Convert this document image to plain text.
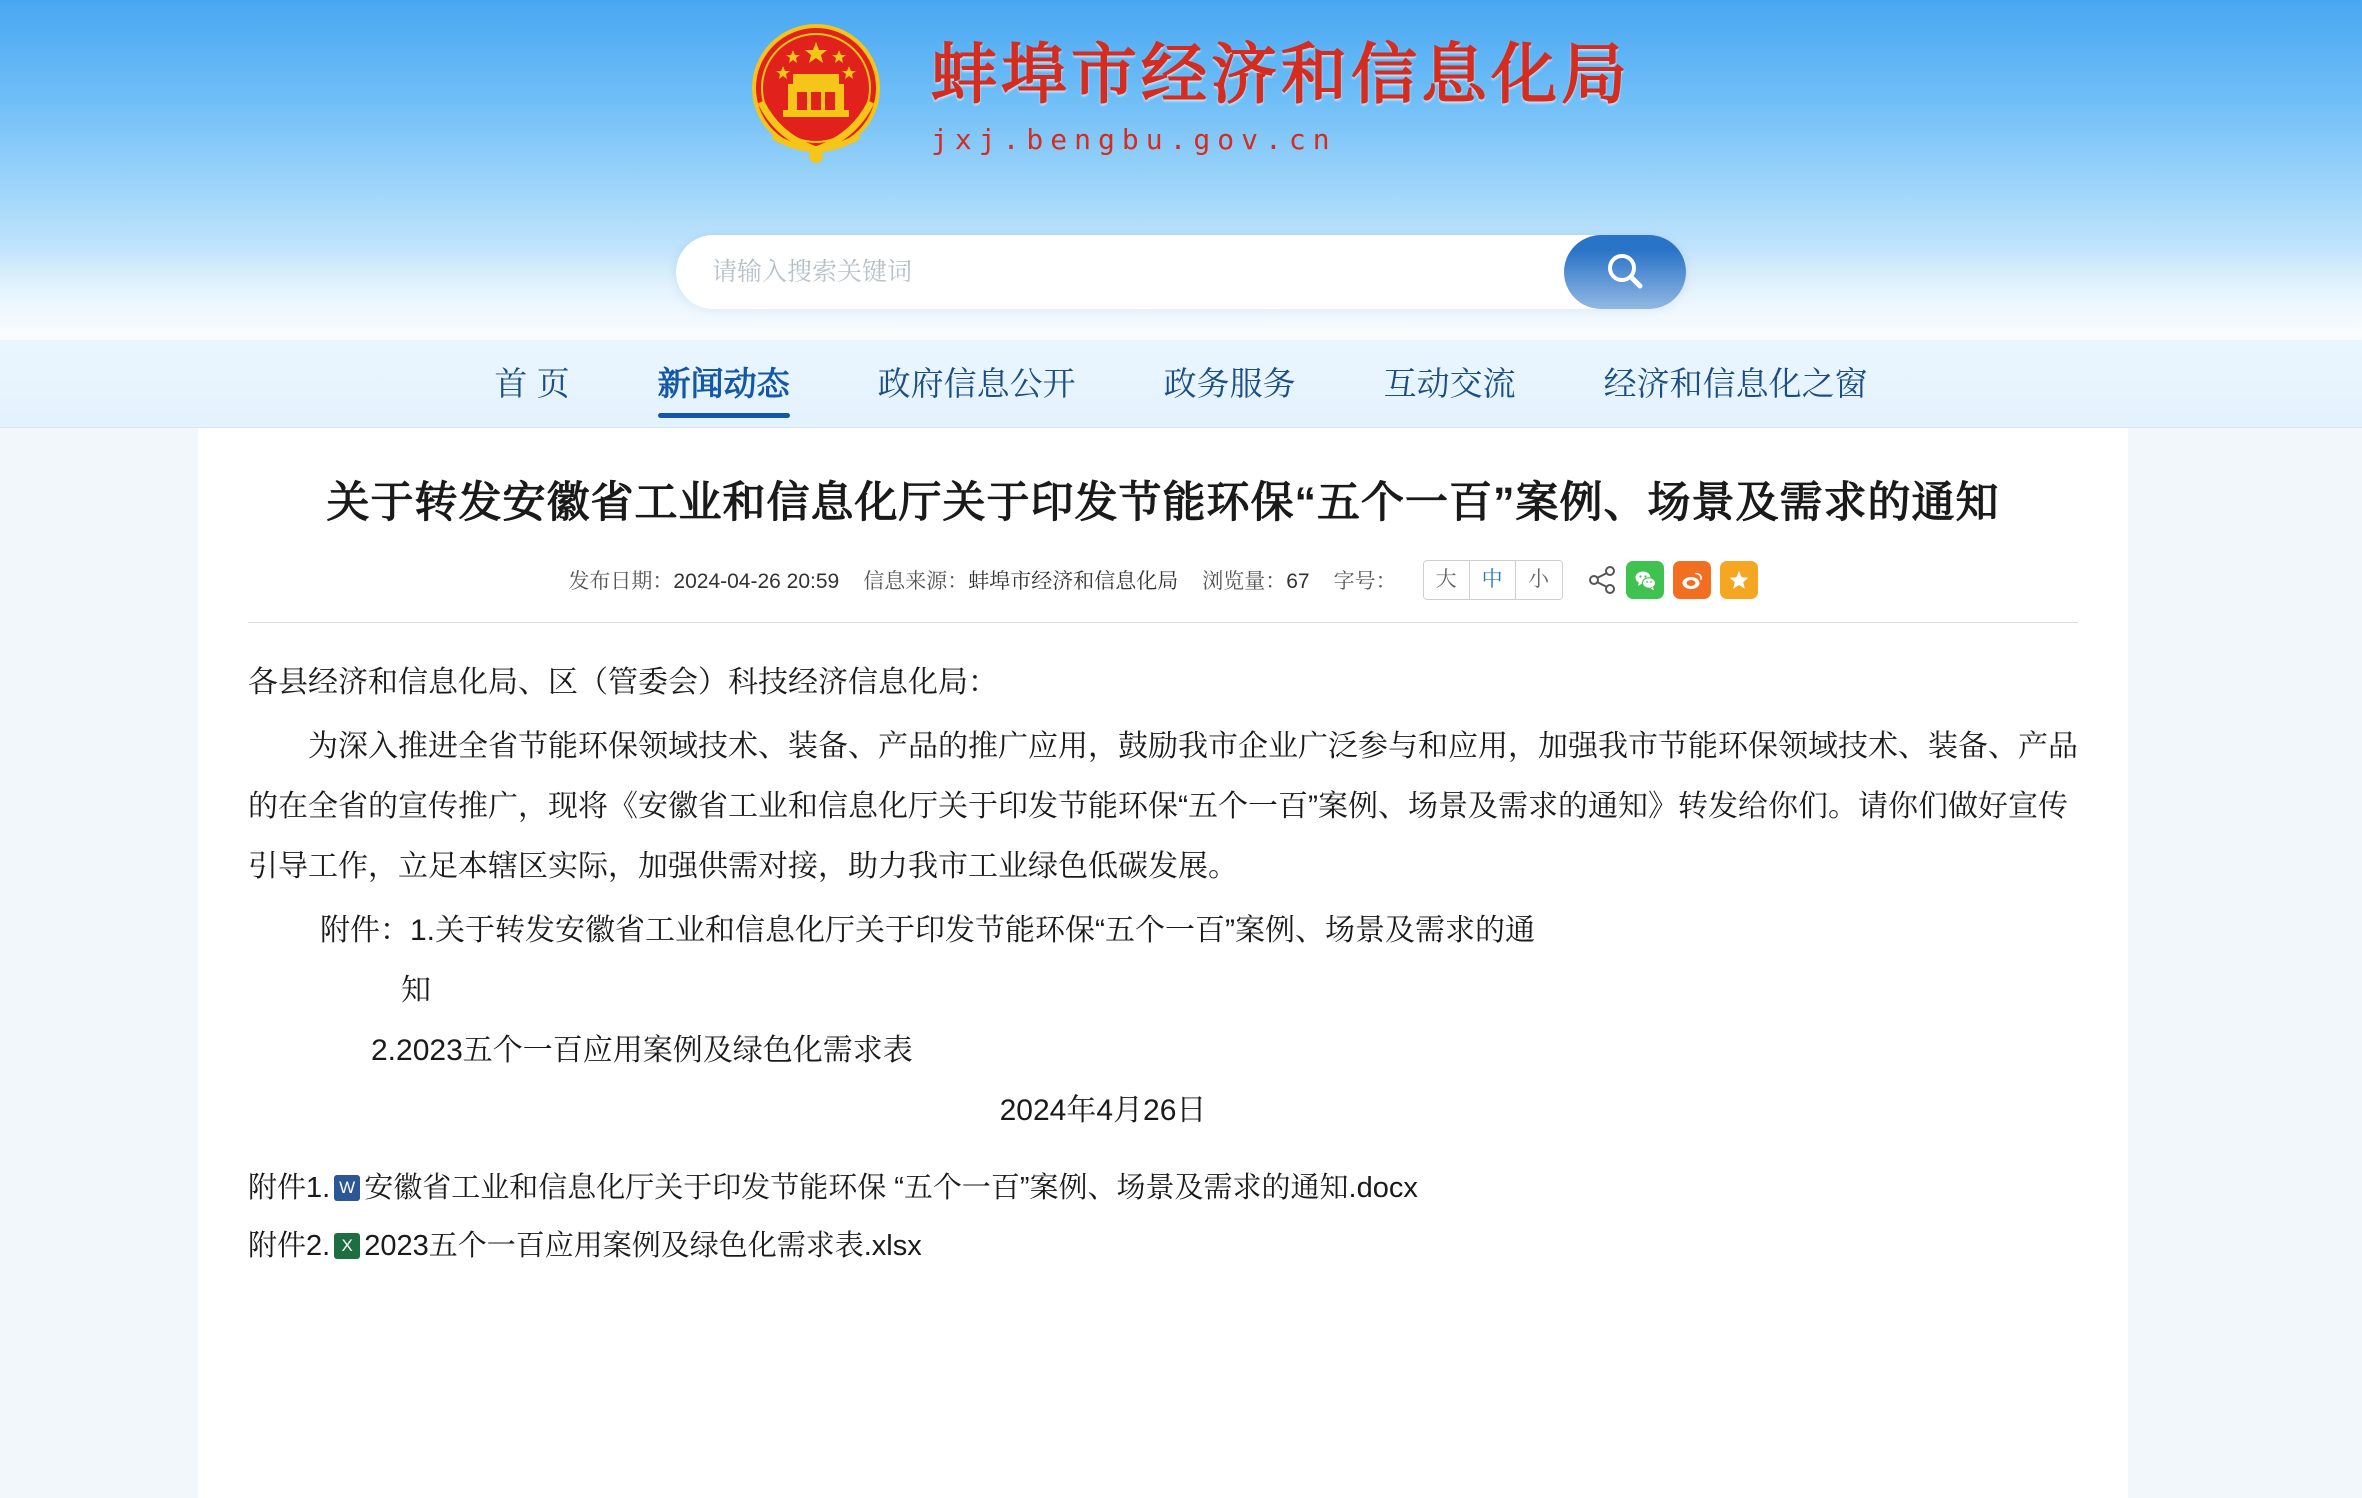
蚌埠市经济和信息化局
jxj.bengbu.gov.cn
请输入搜索关键词
首 页	新闻动态	政府信息公开	政务服务	互动交流	经济和信息化之窗
关于转发安徽省工业和信息化厅关于印发节能环保“五个一百”案例、场景及需求的通知
发布日期：2024-04-26 20:59 信息来源：蚌埠市经济和信息化局 浏览量：67 字号：	大	中	小

各县经济和信息化局、区（管委会）科技经济信息化局：

为深入推进全省节能环保领域技术、装备、产品的推广应用，鼓励我市企业广泛参与和应用，加强我市节能环保领域技术、装备、产品的在全省的宣传推广，现将《安徽省工业和信息化厅关于印发节能环保“五个一百”案例、场景及需求的通知》转发给你们。请你们做好宣传引导工作，立足本辖区实际，加强供需对接，助力我市工业绿色低碳发展。

附件：1.关于转发安徽省工业和信息化厅关于印发节能环保“五个一百”案例、场景及需求的通

知

2.2023五个一百应用案例及绿色化需求表

2024年4月26日

附件1. W 安徽省工业和信息化厅关于印发节能环保 “五个一百”案例、场景及需求的通知.docx
附件2. X 2023五个一百应用案例及绿色化需求表.xlsx
